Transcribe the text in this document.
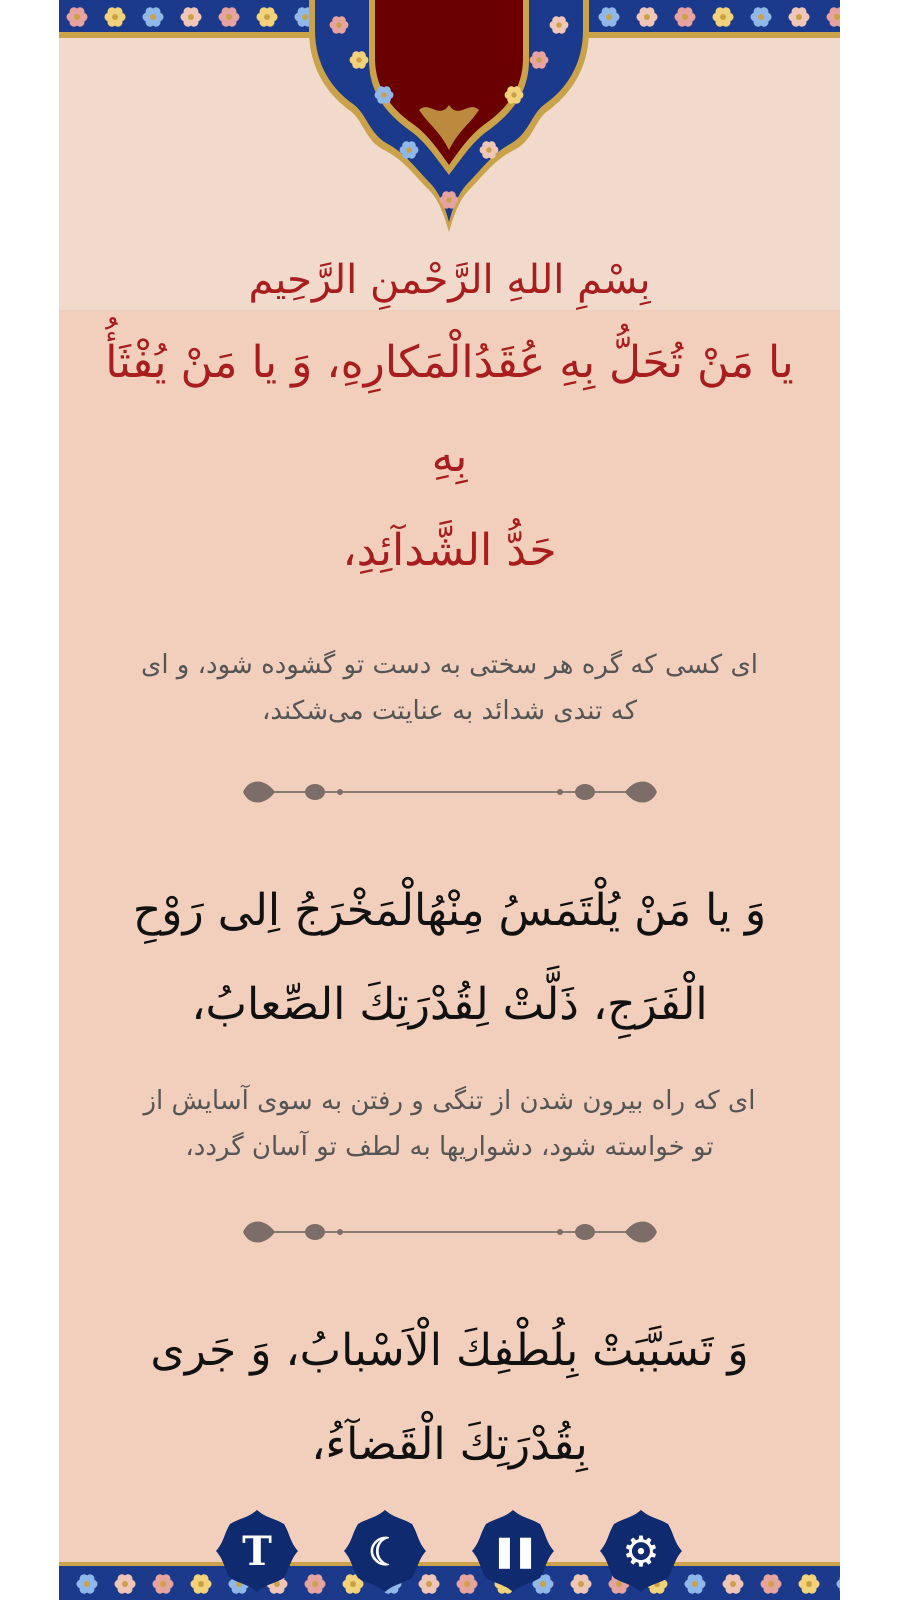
بِسْمِ اللهِ الرَّحْمنِ الرَّحِيم

یا مَنْ تُحَلُّ بِهِ عُقَدُالْمَكارِهِ، وَ یا مَنْ یُفْثَأُ بِهِ

حَدُّ الشَّدآئِدِ،

ای کسی که گره هر سختی به دست تو گشوده شود، و ای

که تندی شدائد به عنایتت می‌شکند،

وَ یا مَنْ یُلْتَمَسُ مِنْهُالْمَخْرَجُ اِلی رَوْحِ

الْفَرَجِ، ذَلَّتْ لِقُدْرَتِكَ الصِّعابُ،

ای که راه بیرون شدن از تنگی و رفتن به سوی آسایش از

تو خواسته شود، دشواریها به لطف تو آسان گردد،

وَ تَسَبَّبَتْ بِلُطْفِكَ الْاَسْبابُ، وَ جَری

بِقُدْرَتِكَ الْقَضآءُ،

T	☾	❚❚	⚙
